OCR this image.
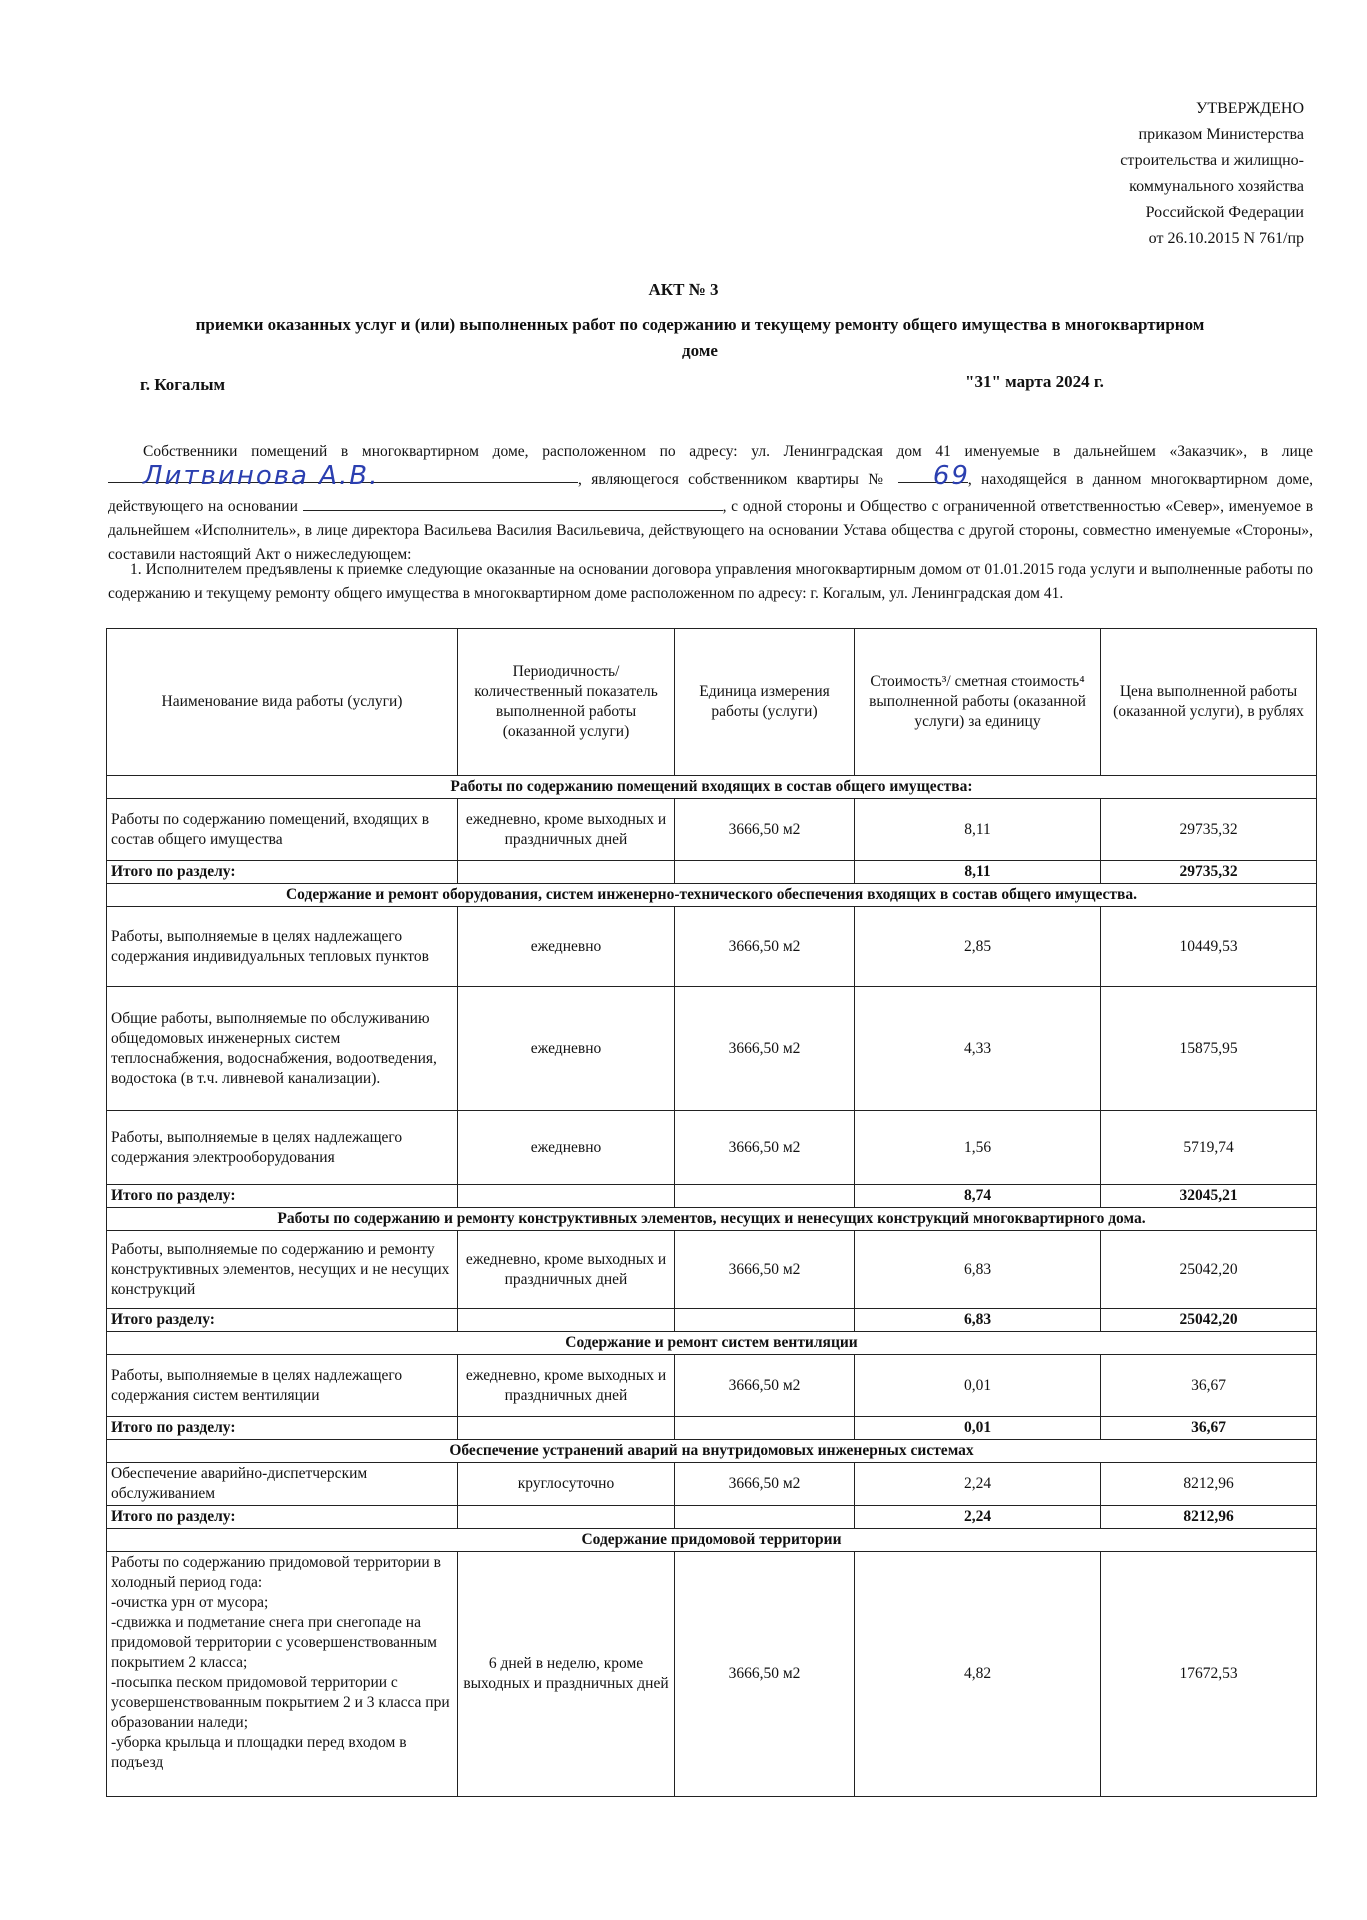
УТВЕРЖДЕНО
приказом Министерства
строительства и жилищно-
коммунального хозяйства
Российской Федерации
от 26.10.2015 N 761/пр
АКТ № 3
приемки оказанных услуг и (или) выполненных работ по содержанию и текущему ремонту общего имущества в многоквартирном доме
г. Когалым	"31" марта 2024 г.
Собственники помещений в многоквартирном доме, расположенном по адресу: ул. Ленинградская дом 41 именуемые в дальнейшем «Заказчик», в лице Литвинова А.В.	, являющегося собственником квартиры № 69, находящейся в данном многоквартирном доме, действующего на основании	, с одной стороны и Общество с ограниченной ответственностью «Север», именуемое в дальнейшем «Исполнитель», в лице директора Васильева Василия Васильевича, действующего на основании Устава общества с другой стороны, совместно именуемые «Стороны», составили настоящий Акт о нижеследующем:
1. Исполнителем предъявлены к приемке следующие оказанные на основании договора управления многоквартирным домом от 01.01.2015 года услуги и выполненные работы по содержанию и текущему ремонту общего имущества в многоквартирном доме расположенном по адресу: г. Когалым, ул. Ленинградская дом 41.
Наименование вида работы (услуги)	Периодичность/ количественный показатель выполненной работы (оказанной услуги)	Единица измерения работы (услуги)	Стоимость³/ сметная стоимость⁴ выполненной работы (оказанной услуги) за единицу	Цена выполненной работы (оказанной услуги), в рублях
Работы по содержанию помещений входящих в состав общего имущества:				
Работы по содержанию помещений, входящих в состав общего имущества	ежедневно, кроме выходных и праздничных дней	3666,50 м2	8,11	29735,32
Итого по разделу:			8,11	29735,32
Содержание и ремонт оборудования, систем инженерно-технического обеспечения входящих в состав общего имущества.				
Работы, выполняемые в целях надлежащего содержания индивидуальных тепловых пунктов	ежедневно	3666,50 м2	2,85	10449,53
Общие работы, выполняемые по обслуживанию общедомовых инженерных систем теплоснабжения, водоснабжения, водоотведения, водостока (в т.ч. ливневой канализации).	ежедневно	3666,50 м2	4,33	15875,95
Работы, выполняемые в целях надлежащего содержания электрооборудования	ежедневно	3666,50 м2	1,56	5719,74
Итого по разделу:			8,74	32045,21
Работы по содержанию и ремонту конструктивных элементов, несущих и ненесущих конструкций многоквартирного дома.				
Работы, выполняемые по содержанию и ремонту конструктивных элементов, несущих и не несущих конструкций	ежедневно, кроме выходных и праздничных дней	3666,50 м2	6,83	25042,20
Итого разделу:			6,83	25042,20
Содержание и ремонт систем вентиляции				
Работы, выполняемые в целях надлежащего содержания систем вентиляции	ежедневно, кроме выходных и праздничных дней	3666,50 м2	0,01	36,67
Итого по разделу:			0,01	36,67
Обеспечение устранений аварий на внутридомовых инженерных системах				
Обеспечение аварийно-диспетчерским обслуживанием	круглосуточно	3666,50 м2	2,24	8212,96
Итого по разделу:			2,24	8212,96
Содержание придомовой территории				
Работы по содержанию придомовой территории в холодный период года:
-очистка урн от мусора;
-сдвижка и подметание снега при снегопаде на придомовой территории с усовершенствованным покрытием 2 класса;
-посыпка песком придомовой территории с усовершенствованным покрытием 2 и 3 класса при образовании наледи;
-уборка крыльца и площадки перед входом в подъезд	6 дней в неделю, кроме выходных и праздничных дней	3666,50 м2	4,82	17672,53
